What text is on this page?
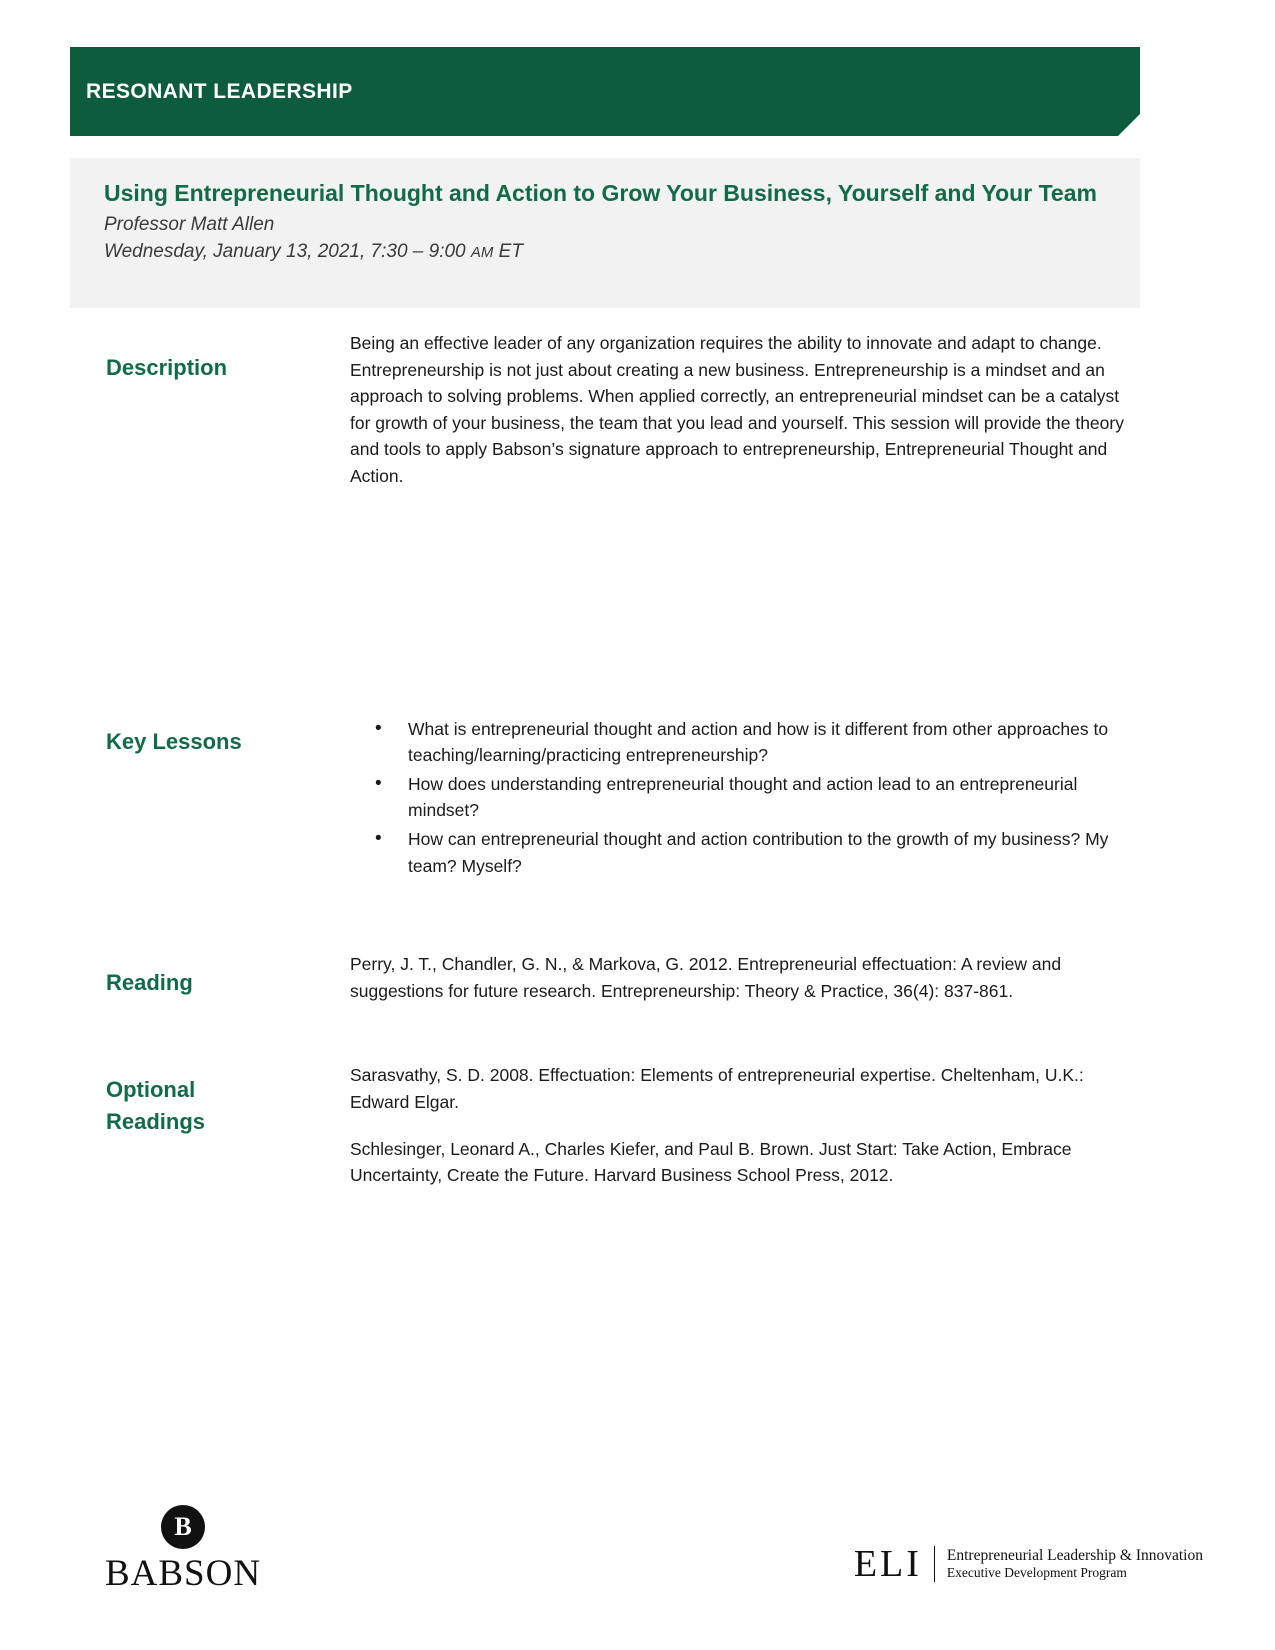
RESONANT LEADERSHIP
Using Entrepreneurial Thought and Action to Grow Your Business, Yourself and Your Team
Professor Matt Allen
Wednesday, January 13, 2021, 7:30 – 9:00 AM ET
Description

Being an effective leader of any organization requires the ability to innovate and adapt to change. Entrepreneurship is not just about creating a new business. Entrepreneurship is a mindset and an approach to solving problems. When applied correctly, an entrepreneurial mindset can be a catalyst for growth of your business, the team that you lead and yourself. This session will provide the theory and tools to apply Babson’s signature approach to entrepreneurship, Entrepreneurial Thought and Action.

Key Lessons	• What is entrepreneurial thought and action and how is it different from other approaches to teaching/learning/practicing entrepreneurship?
• How does understanding entrepreneurial thought and action lead to an entrepreneurial mindset?
• How can entrepreneurial thought and action contribution to the growth of my business? My team? Myself?
Reading

Perry, J. T., Chandler, G. N., & Markova, G. 2012. Entrepreneurial effectuation: A review and suggestions for future research. Entrepreneurship: Theory & Practice, 36(4): 837-861.

Optional
Readings

Sarasvathy, S. D. 2008. Effectuation: Elements of entrepreneurial expertise. Cheltenham, U.K.: Edward Elgar.

Schlesinger, Leonard A., Charles Kiefer, and Paul B. Brown. Just Start: Take Action, Embrace Uncertainty, Create the Future. Harvard Business School Press, 2012.

B
BABSON	ELI	Entrepreneurial Leadership & Innovation
Executive Development Program
